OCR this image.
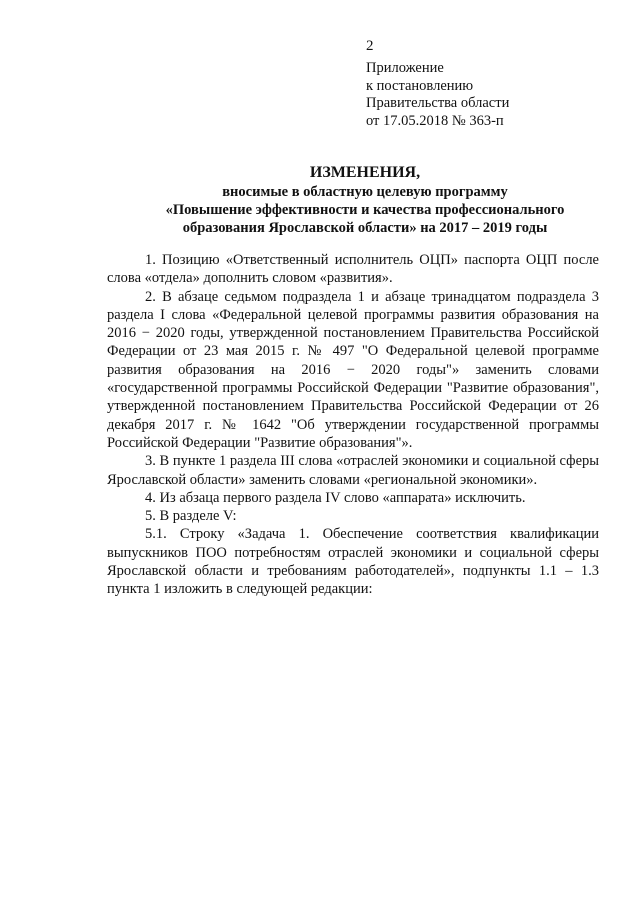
2
Приложение
к постановлению
Правительства области
от 17.05.2018 № 363-п
ИЗМЕНЕНИЯ,
вносимые в областную целевую программу
«Повышение эффективности и качества профессионального
образования Ярославской области» на 2017 – 2019 годы

1. Позицию «Ответственный исполнитель ОЦП» паспорта ОЦП после слова «отдела» дополнить словом «развития».

2. В абзаце седьмом подраздела 1 и абзаце тринадцатом подраздела 3 раздела I слова «Федеральной целевой программы развития образования на 2016 − 2020 годы, утвержденной постановлением Правительства Российской Федерации от 23 мая 2015 г. № 497 "О Федеральной целевой программе развития образования на 2016 − 2020 годы"» заменить словами «государственной программы Российской Федерации "Развитие образования", утвержденной постановлением Правительства Российской Федерации от 26 декабря 2017 г. № 1642 "Об утверждении государственной программы Российской Федерации "Развитие образования"».

3. В пункте 1 раздела III слова «отраслей экономики и социальной сферы Ярославской области» заменить словами «региональной экономики».

4. Из абзаца первого раздела IV слово «аппарата» исключить.

5. В разделе V:

5.1. Строку «Задача 1. Обеспечение соответствия квалификации выпускников ПОО потребностям отраслей экономики и социальной сферы Ярославской области и требованиям работодателей», подпункты 1.1 – 1.3 пункта 1 изложить в следующей редакции:
